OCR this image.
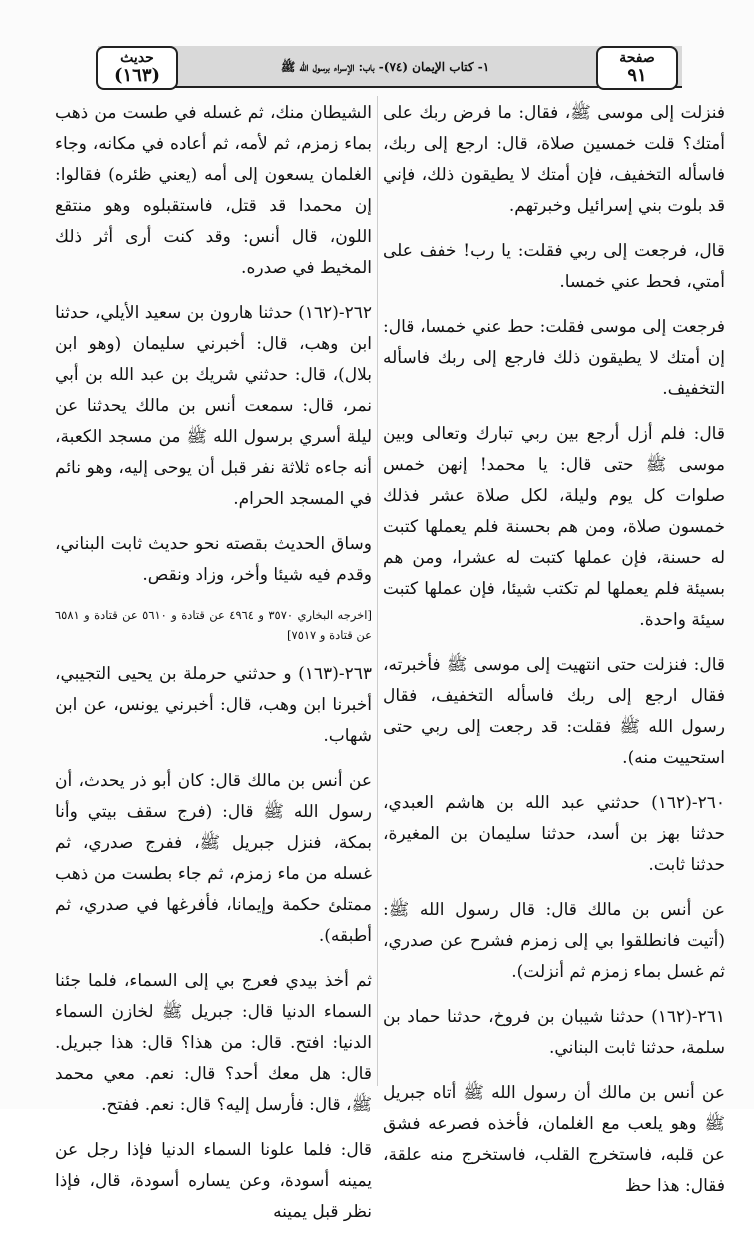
حديث
(١٦٣)	١- كتاب الإيمان (٧٤)- باب: الإسراء برسول الله ﷺ
صفحة
٩١

فنزلت إلى موسى ﷺ، فقال: ما فرض ربك على أمتك؟ قلت خمسين صلاة، قال: ارجع إلى ربك، فاسأله التخفيف، فإن أمتك لا يطيقون ذلك، فإني قد بلوت بني إسرائيل وخبرتهم.

قال، فرجعت إلى ربي فقلت: يا رب! خفف على أمتي، فحط عني خمسا.

فرجعت إلى موسى فقلت: حط عني خمسا، قال: إن أمتك لا يطيقون ذلك فارجع إلى ربك فاسأله التخفيف.

قال: فلم أزل أرجع بين ربي تبارك وتعالى وبين موسى ﷺ حتى قال: يا محمد! إنهن خمس صلوات كل يوم وليلة، لكل صلاة عشر فذلك خمسون صلاة، ومن هم بحسنة فلم يعملها كتبت له حسنة، فإن عملها كتبت له عشرا، ومن هم بسيئة فلم يعملها لم تكتب شيئا، فإن عملها كتبت سيئة واحدة.

قال: فنزلت حتى انتهيت إلى موسى ﷺ فأخبرته، فقال ارجع إلى ربك فاسأله التخفيف، فقال رسول الله ﷺ فقلت: قد رجعت إلى ربي حتى استحييت منه).

٢٦٠-(١٦٢) حدثني عبد الله بن هاشم العبدي، حدثنا بهز بن أسد، حدثنا سليمان بن المغيرة، حدثنا ثابت.

عن أنس بن مالك قال: قال رسول الله ﷺ: (أتيت فانطلقوا بي إلى زمزم فشرح عن صدري، ثم غسل بماء زمزم ثم أنزلت).

٢٦١-(١٦٢) حدثنا شيبان بن فروخ، حدثنا حماد بن سلمة، حدثنا ثابت البناني.

عن أنس بن مالك أن رسول الله ﷺ أتاه جبريل ﷺ وهو يلعب مع الغلمان، فأخذه فصرعه فشق عن قلبه، فاستخرج القلب، فاستخرج منه علقة، فقال: هذا حظ

الشيطان منك، ثم غسله في طست من ذهب بماء زمزم، ثم لأمه، ثم أعاده في مكانه، وجاء الغلمان يسعون إلى أمه (يعني ظئره) فقالوا: إن محمدا قد قتل، فاستقبلوه وهو منتقع اللون، قال أنس: وقد كنت أرى أثر ذلك المخيط في صدره.

٢٦٢-(١٦٢) حدثنا هارون بن سعيد الأيلي، حدثنا ابن وهب، قال: أخبرني سليمان (وهو ابن بلال)، قال: حدثني شريك بن عبد الله بن أبي نمر، قال: سمعت أنس بن مالك يحدثنا عن ليلة أسري برسول الله ﷺ من مسجد الكعبة، أنه جاءه ثلاثة نفر قبل أن يوحى إليه، وهو نائم في المسجد الحرام.

وساق الحديث بقصته نحو حديث ثابت البناني، وقدم فيه شيئا وأخر، وزاد ونقص.

[اخرجه البخاري ٣٥٧٠ و ٤٩٦٤ عن قتادة و ٥٦١٠ عن قتادة و ٦٥٨١ عن قتادة و ٧٥١٧]

٢٦٣-(١٦٣) و حدثني حرملة بن يحيى التجيبي، أخبرنا ابن وهب، قال: أخبرني يونس، عن ابن شهاب.

عن أنس بن مالك قال: كان أبو ذر يحدث، أن رسول الله ﷺ قال: (فرج سقف بيتي وأنا بمكة، فنزل جبريل ﷺ، ففرج صدري، ثم غسله من ماء زمزم، ثم جاء بطست من ذهب ممتلئ حكمة وإيمانا، فأفرغها في صدري، ثم أطبقه).

ثم أخذ بيدي فعرج بي إلى السماء، فلما جئنا السماء الدنيا قال: جبريل ﷺ لخازن السماء الدنيا: افتح. قال: من هذا؟ قال: هذا جبريل. قال: هل معك أحد؟ قال: نعم. معي محمد ﷺ، قال: فأرسل إليه؟ قال: نعم. ففتح.

قال: فلما علونا السماء الدنيا فإذا رجل عن يمينه أسودة، وعن يساره أسودة، قال، فإذا نظر قبل يمينه
